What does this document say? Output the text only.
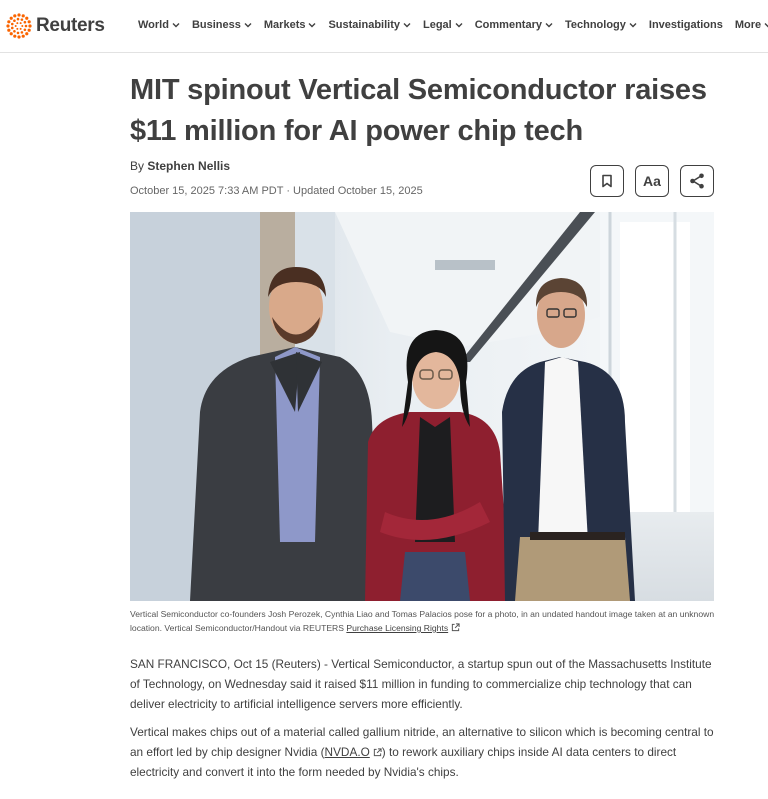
Reuters	World Business Markets Sustainability Legal Commentary Technology Investigations More
MIT spinout Vertical Semiconductor raises $11 million for AI power chip tech
By Stephen Nellis
October 15, 2025 7:33 AM PDT · Updated October 15, 2025
Aa
Vertical Semiconductor co-founders Josh Perozek, Cynthia Liao and Tomas Palacios pose for a photo, in an undated handout image taken at an unknown location. Vertical Semiconductor/Handout via REUTERS Purchase Licensing Rights

SAN FRANCISCO, Oct 15 (Reuters) - Vertical Semiconductor, a startup spun out of the Massachusetts Institute of Technology, on Wednesday said it raised $11 million in funding to commercialize chip technology that can deliver electricity to artificial intelligence servers more efficiently.

Vertical makes chips out of a material called gallium nitride, an alternative to silicon which is becoming central to an effort led by chip designer Nvidia (NVDA.O ) to rework auxiliary chips inside AI data centers to direct electricity and convert it into the form needed by Nvidia's chips.
